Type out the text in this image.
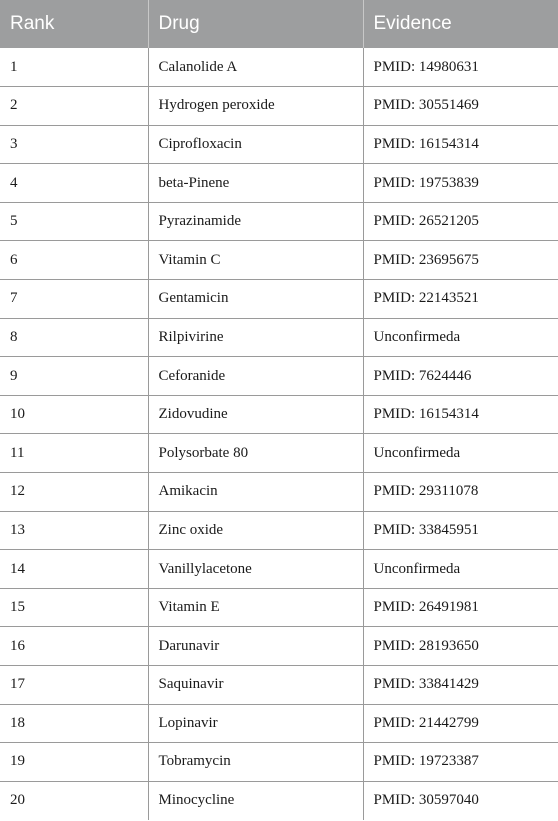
Rank	Drug	Evidence
1	Calanolide A	PMID: 14980631
2	Hydrogen peroxide	PMID: 30551469
3	Ciprofloxacin	PMID: 16154314
4	beta-Pinene	PMID: 19753839
5	Pyrazinamide	PMID: 26521205
6	Vitamin C	PMID: 23695675
7	Gentamicin	PMID: 22143521
8	Rilpivirine	Unconfirmeda
9	Ceforanide	PMID: 7624446
10	Zidovudine	PMID: 16154314
11	Polysorbate 80	Unconfirmeda
12	Amikacin	PMID: 29311078
13	Zinc oxide	PMID: 33845951
14	Vanillylacetone	Unconfirmeda
15	Vitamin E	PMID: 26491981
16	Darunavir	PMID: 28193650
17	Saquinavir	PMID: 33841429
18	Lopinavir	PMID: 21442799
19	Tobramycin	PMID: 19723387
20	Minocycline	PMID: 30597040
